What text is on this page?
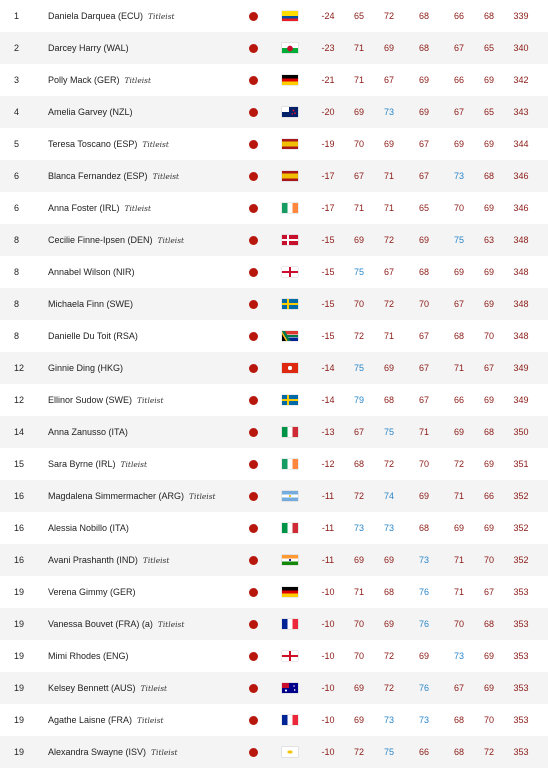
1	Daniela Darquea (ECU) Titleist	-24	65	72	68	66	68	339
2	Darcey Harry (WAL)	-23	71	69	68	67	65	340
3	Polly Mack (GER) Titleist	-21	71	67	69	66	69	342
4	Amelia Garvey (NZL)	-20	69	73	69	67	65	343
5	Teresa Toscano (ESP) Titleist	-19	70	69	67	69	69	344
6	Blanca Fernandez (ESP) Titleist	-17	67	71	67	73	68	346
6	Anna Foster (IRL) Titleist	-17	71	71	65	70	69	346
8	Cecilie Finne-Ipsen (DEN) Titleist	-15	69	72	69	75	63	348
8	Annabel Wilson (NIR)	-15	75	67	68	69	69	348
8	Michaela Finn (SWE)	-15	70	72	70	67	69	348
8	Danielle Du Toit (RSA)	-15	72	71	67	68	70	348
12	Ginnie Ding (HKG)	-14	75	69	67	71	67	349
12	Ellinor Sudow (SWE) Titleist	-14	79	68	67	66	69	349
14	Anna Zanusso (ITA)	-13	67	75	71	69	68	350
15	Sara Byrne (IRL) Titleist	-12	68	72	70	72	69	351
16	Magdalena Simmermacher (ARG) Titleist	-11	72	74	69	71	66	352
16	Alessia Nobillo (ITA)	-11	73	73	68	69	69	352
16	Avani Prashanth (IND) Titleist	-11	69	69	73	71	70	352
19	Verena Gimmy (GER)	-10	71	68	76	71	67	353
19	Vanessa Bouvet (FRA) (a) Titleist	-10	70	69	76	70	68	353
19	Mimi Rhodes (ENG)	-10	70	72	69	73	69	353
19	Kelsey Bennett (AUS) Titleist	-10	69	72	76	67	69	353
19	Agathe Laisne (FRA) Titleist	-10	69	73	73	68	70	353
19	Alexandra Swayne (ISV) Titleist	-10	72	75	66	68	72	353
